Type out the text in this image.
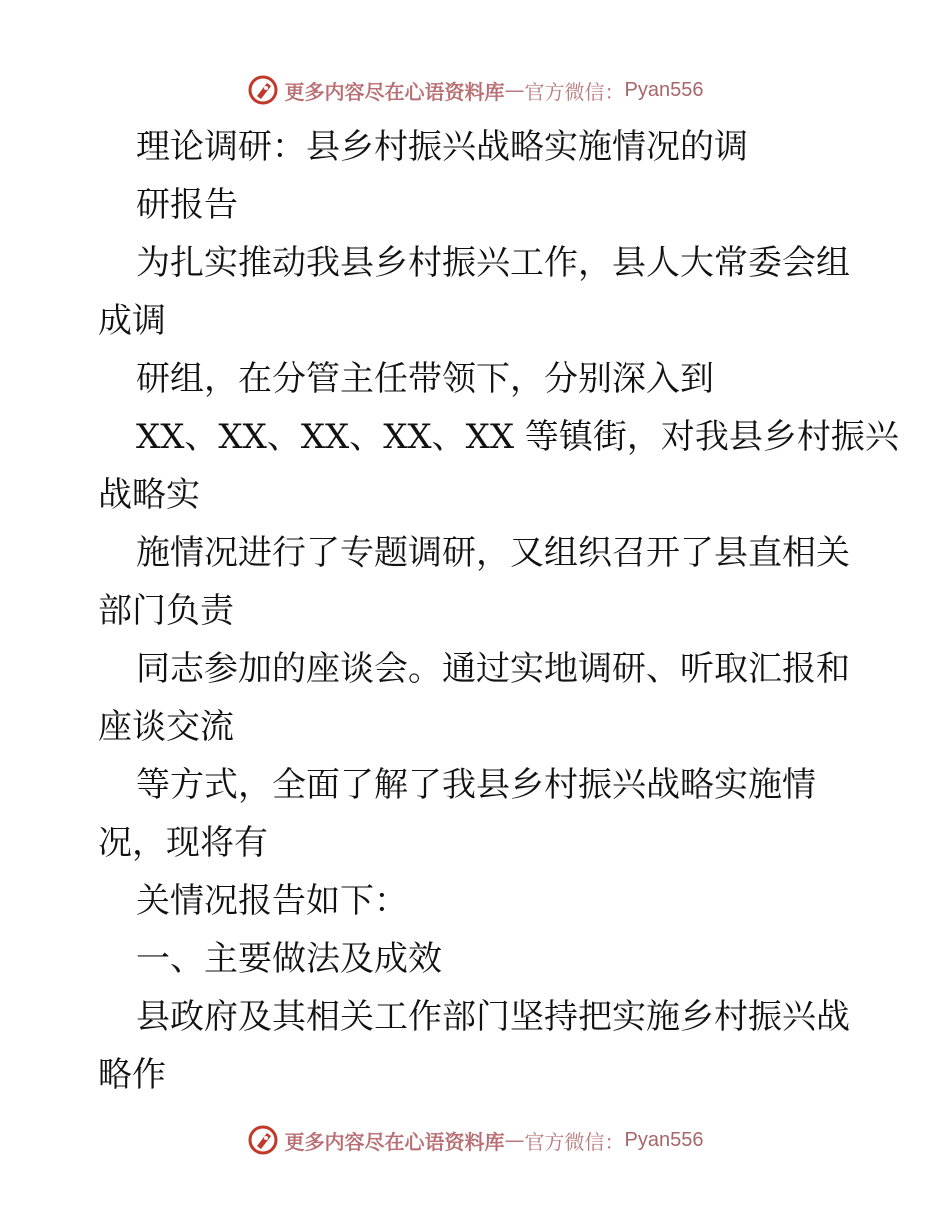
更多内容尽在心语资料库 — 官方微信： Pyan556
理论调研：县乡村振兴战略实施情况的调
研报告
为扎实推动我县乡村振兴工作，县人大常委会组
成调
研组，在分管主任带领下，分别深入到
XX、XX、XX、XX、XX 等镇街，对我县乡村振兴
战略实
施情况进行了专题调研，又组织召开了县直相关
部门负责
同志参加的座谈会。通过实地调研、听取汇报和
座谈交流
等方式，全面了解了我县乡村振兴战略实施情
况，现将有
关情况报告如下：
一、主要做法及成效
县政府及其相关工作部门坚持把实施乡村振兴战
略作
更多内容尽在心语资料库 — 官方微信： Pyan556
